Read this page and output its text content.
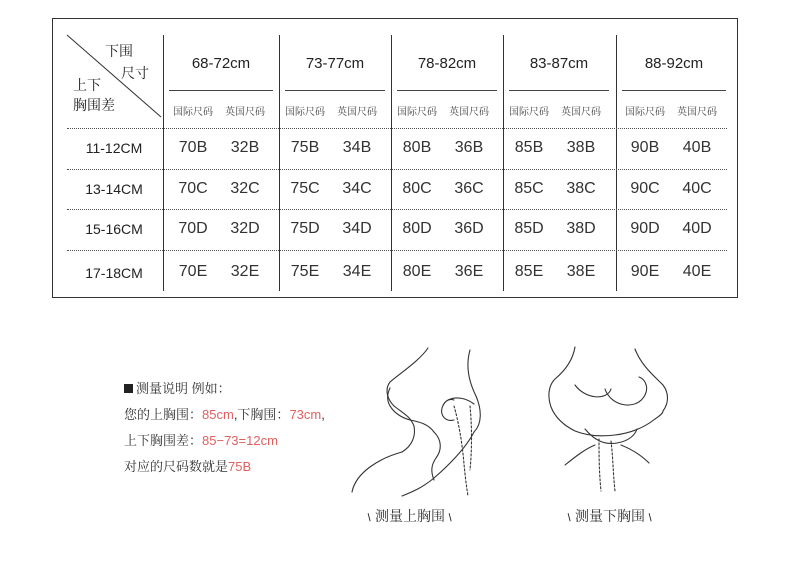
下围
尺寸
上下
胸围差
68-72cm	73-77cm	78-82cm	83-87cm	88-92cm
国际尺码 英国尺码 国际尺码 英国尺码 国际尺码 英国尺码 国际尺码 英国尺码 国际尺码 英国尺码
11-12CM	70B	32B	75B	34B	80B	36B	85B	38B	90B	40B
13-14CM	70C	32C	75C	34C	80C	36C	85C	38C	90C	40C
15-16CM	70D	32D	75D	34D	80D	36D	85D	38D	90D	40D
17-18CM	70E	32E	75E	34E	80E	36E	85E	38E	90E	40E
测量说明 例如：
您的上胸围：85cm,下胸围：73cm,
上下胸围差：85−73=12cm
对应的尺码数就是75B
/测量上胸围/	/测量下胸围/
